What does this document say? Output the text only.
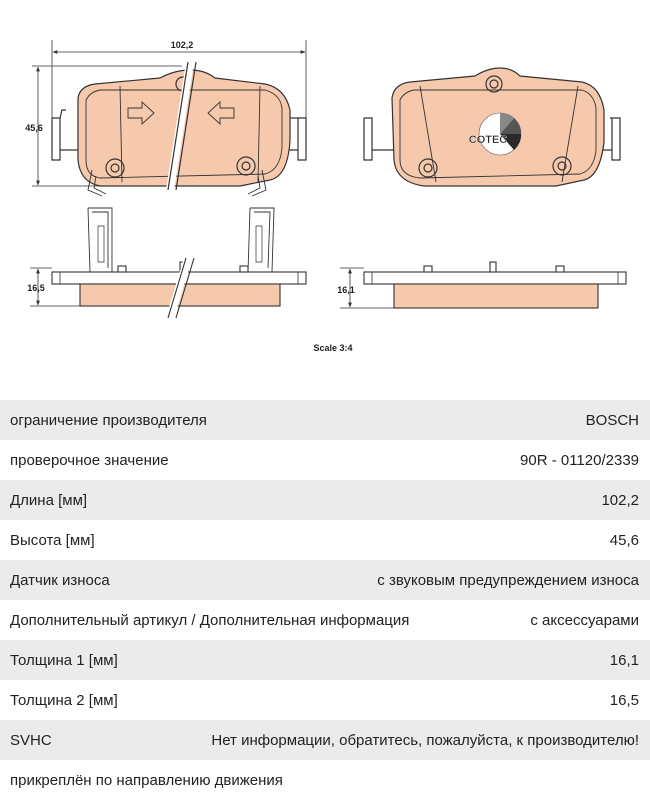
102,2
45,6
COTEC
16,5	16,1
Scale 3:4
ограничение производителя	BOSCH
проверочное значение	90R - 01120/2339
Длина [мм]	102,2
Высота [мм]	45,6
Датчик износа	с звуковым предупреждением износа
Дополнительный артикул / Дополнительная информация	с аксессуарами
Толщина 1 [мм]	16,1
Толщина 2 [мм]	16,5
SVHC	Нет информации, обратитесь, пожалуйста, к производителю!
прикреплён по направлению движения
